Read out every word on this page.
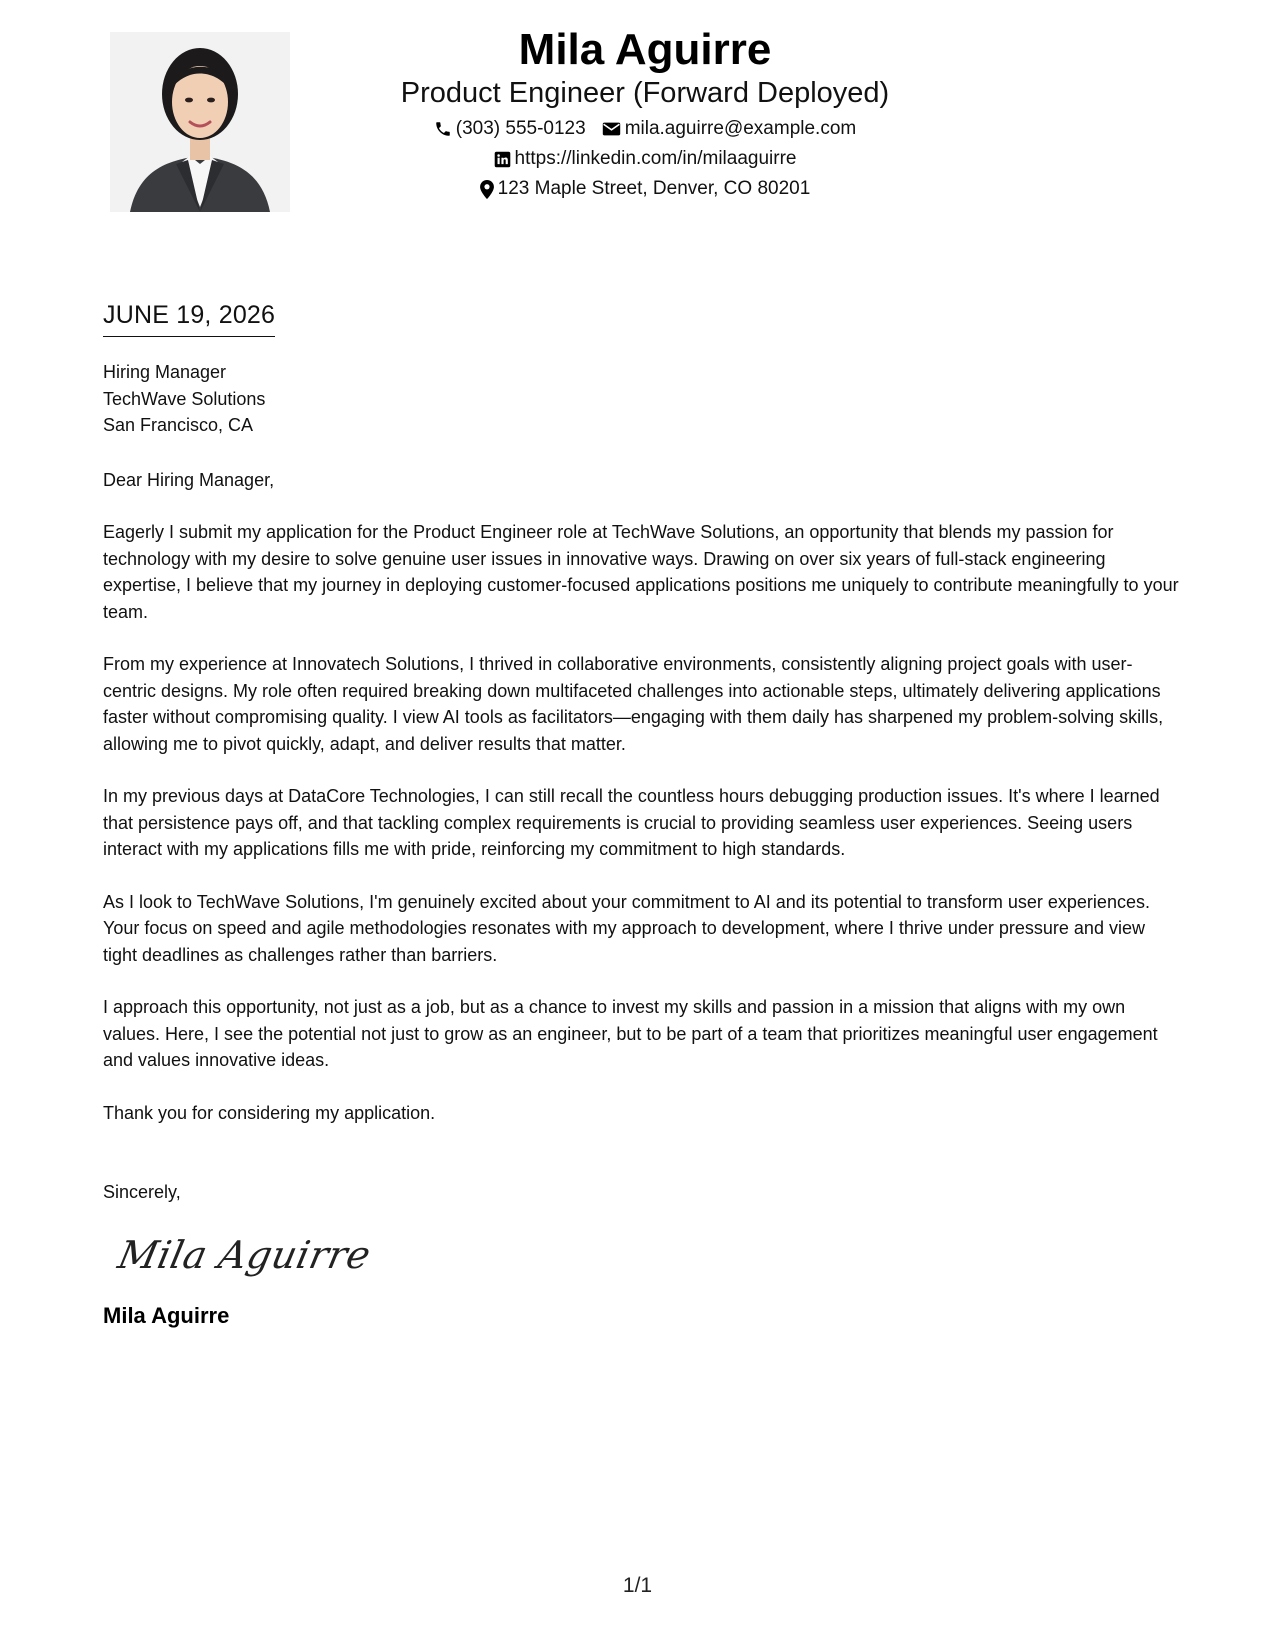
Mila Aguirre
Product Engineer (Forward Deployed)
(303) 555-0123 mila.aguirre@example.com
https://linkedin.com/in/milaaguirre
123 Maple Street, Denver, CO 80201
JUNE 19, 2026
Hiring Manager
TechWave Solutions
San Francisco, CA
Dear Hiring Manager,

Eagerly I submit my application for the Product Engineer role at TechWave Solutions, an opportunity that blends my passion for technology with my desire to solve genuine user issues in innovative ways. Drawing on over six years of full-stack engineering expertise, I believe that my journey in deploying customer-focused applications positions me uniquely to contribute meaningfully to your team.

From my experience at Innovatech Solutions, I thrived in collaborative environments, consistently aligning project goals with user-centric designs. My role often required breaking down multifaceted challenges into actionable steps, ultimately delivering applications faster without compromising quality. I view AI tools as facilitators—engaging with them daily has sharpened my problem-solving skills, allowing me to pivot quickly, adapt, and deliver results that matter.

In my previous days at DataCore Technologies, I can still recall the countless hours debugging production issues. It's where I learned that persistence pays off, and that tackling complex requirements is crucial to providing seamless user experiences. Seeing users interact with my applications fills me with pride, reinforcing my commitment to high standards.

As I look to TechWave Solutions, I'm genuinely excited about your commitment to AI and its potential to transform user experiences. Your focus on speed and agile methodologies resonates with my approach to development, where I thrive under pressure and view tight deadlines as challenges rather than barriers.

I approach this opportunity, not just as a job, but as a chance to invest my skills and passion in a mission that aligns with my own values. Here, I see the potential not just to grow as an engineer, but to be part of a team that prioritizes meaningful user engagement and values innovative ideas.

Thank you for considering my application.

Sincerely,
Mila Aguirre
Mila Aguirre
1/1
